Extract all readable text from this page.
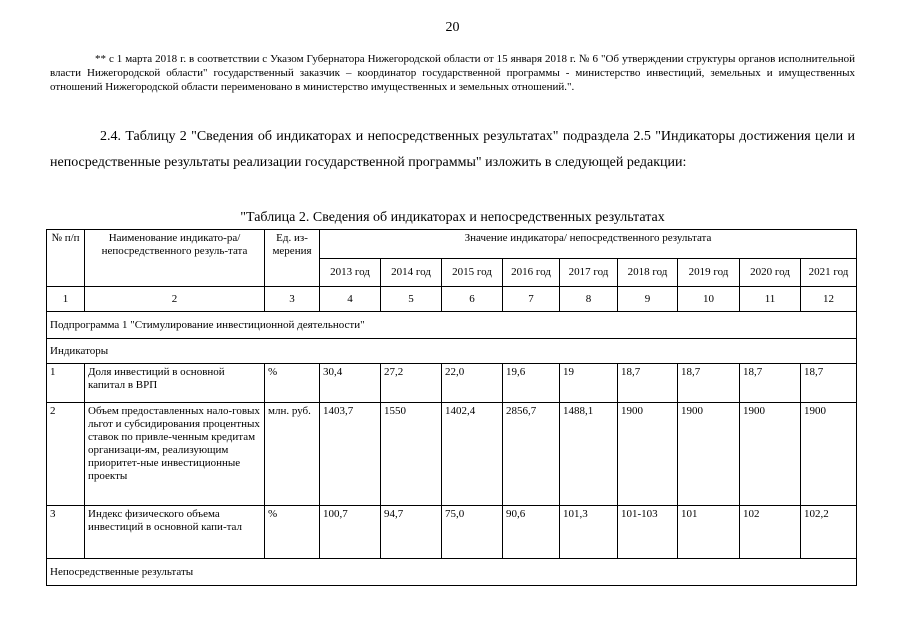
20
** с 1 марта 2018 г. в соответствии с Указом Губернатора Нижегородской области от 15 января 2018 г. № 6 "Об утверждении структуры органов исполнительной власти Нижегородской области" государственный заказчик – координатор государственной программы - министерство инвестиций, земельных и имущественных отношений Нижегородской области переименовано в министерство имущественных и земельных отношений.".
2.4. Таблицу 2 "Сведения об индикаторах и непосредственных результатах" подраздела 2.5 "Индикаторы достижения цели и непосредственные результаты реализации государственной программы" изложить в следующей редакции:
"Таблица 2. Сведения об индикаторах и непосредственных результатах
№ п/п	Наименование индикато-ра/непосредственного резуль-тата	Ед. из-мерения	Значение индикатора/ непосредственного результата								
			2013 год	2014 год	2015 год	2016 год	2017 год	2018 год	2019 год	2020 год	2021 год
1	2	3	4	5	6	7	8	9	10	11	12
Подпрограмма 1 "Стимулирование инвестиционной деятельности"											
Индикаторы											
1	Доля инвестиций в основной капитал в ВРП	%	30,4	27,2	22,0	19,6	19	18,7	18,7	18,7	18,7
2	Объем предоставленных нало-говых льгот и субсидирования процентных ставок по привле-ченным кредитам организаци-ям, реализующим приоритет-ные инвестиционные проекты	млн. руб.	1403,7	1550	1402,4	2856,7	1488,1	1900	1900	1900	1900
3	Индекс физического объема инвестиций в основной капи-тал	%	100,7	94,7	75,0	90,6	101,3	101-103	101	102	102,2
Непосредственные результаты											
